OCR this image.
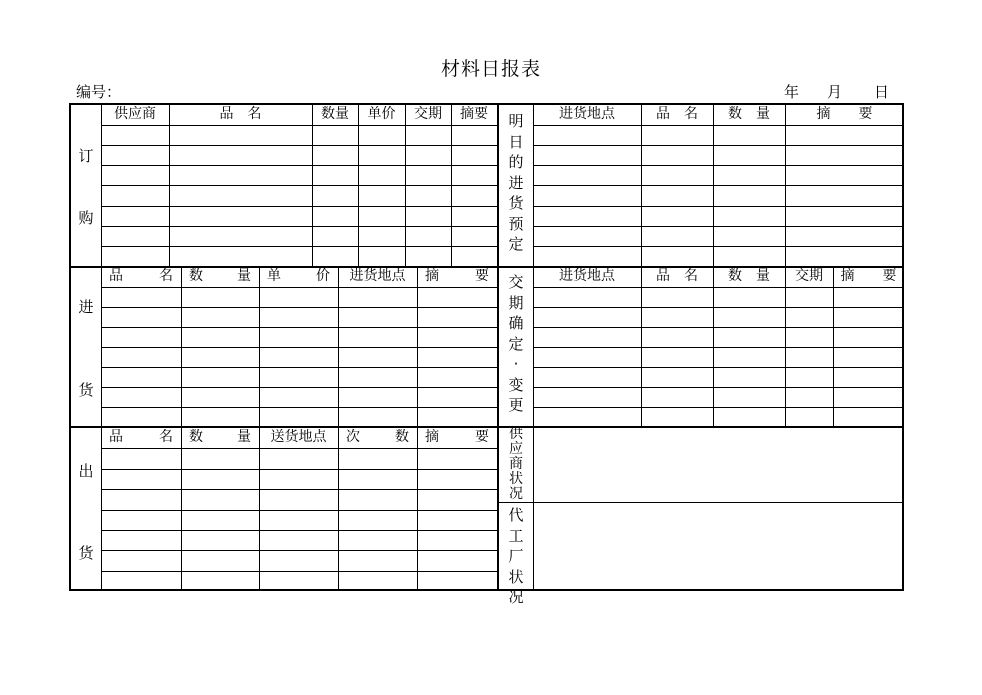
材料日报表
编号：	年 月 日
供应商	品　名	数量	单价	交期	摘要
品	名 数 量 单	价	进货地点	摘	要
品	名 数 量	送货地点	次	数 摘	要
进货地点	品　名	数　量	摘　　要
进货地点	品　名	数　量	交期	摘　　要
订
购
进
货
出
货
明
日
的
进
货
预
定
交
期
确
定
·
变
更
供
应
商
状
况
代
工
厂
状
况
